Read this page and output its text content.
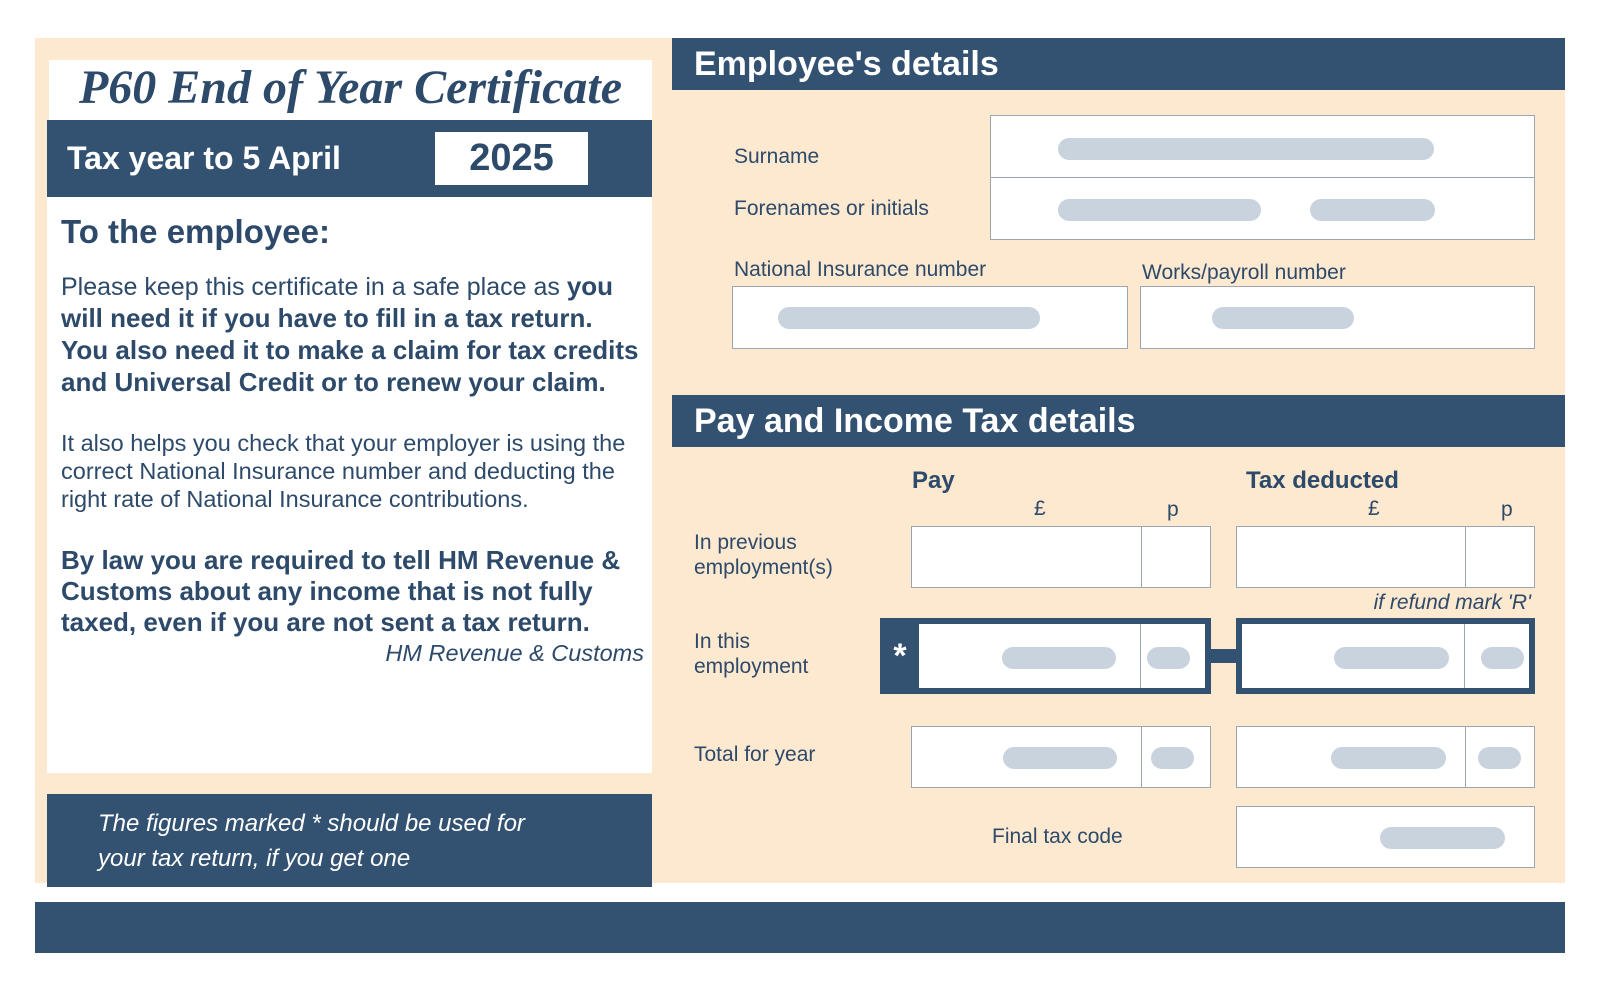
P60 End of Year Certificate
Tax year to 5 April	2025
To the employee:
Please keep this certificate in a safe place as you will need it if you have to fill in a tax return. You also need it to make a claim for tax credits and Universal Credit or to renew your claim.
It also helps you check that your employer is using the correct National Insurance number and deducting the right rate of National Insurance contributions.
By law you are required to tell HM Revenue & Customs about any income that is not fully taxed, even if you are not sent a tax return.
HM Revenue & Customs
The figures marked * should be used for your tax return, if you get one
Employee's details
Surname
Forenames or initials
National Insurance number	Works/payroll number
Pay and Income Tax details
Pay	Tax deducted
£	p	£	p
In previous employment(s)
if refund mark 'R'
In this employment	*
Total for year
Final tax code
